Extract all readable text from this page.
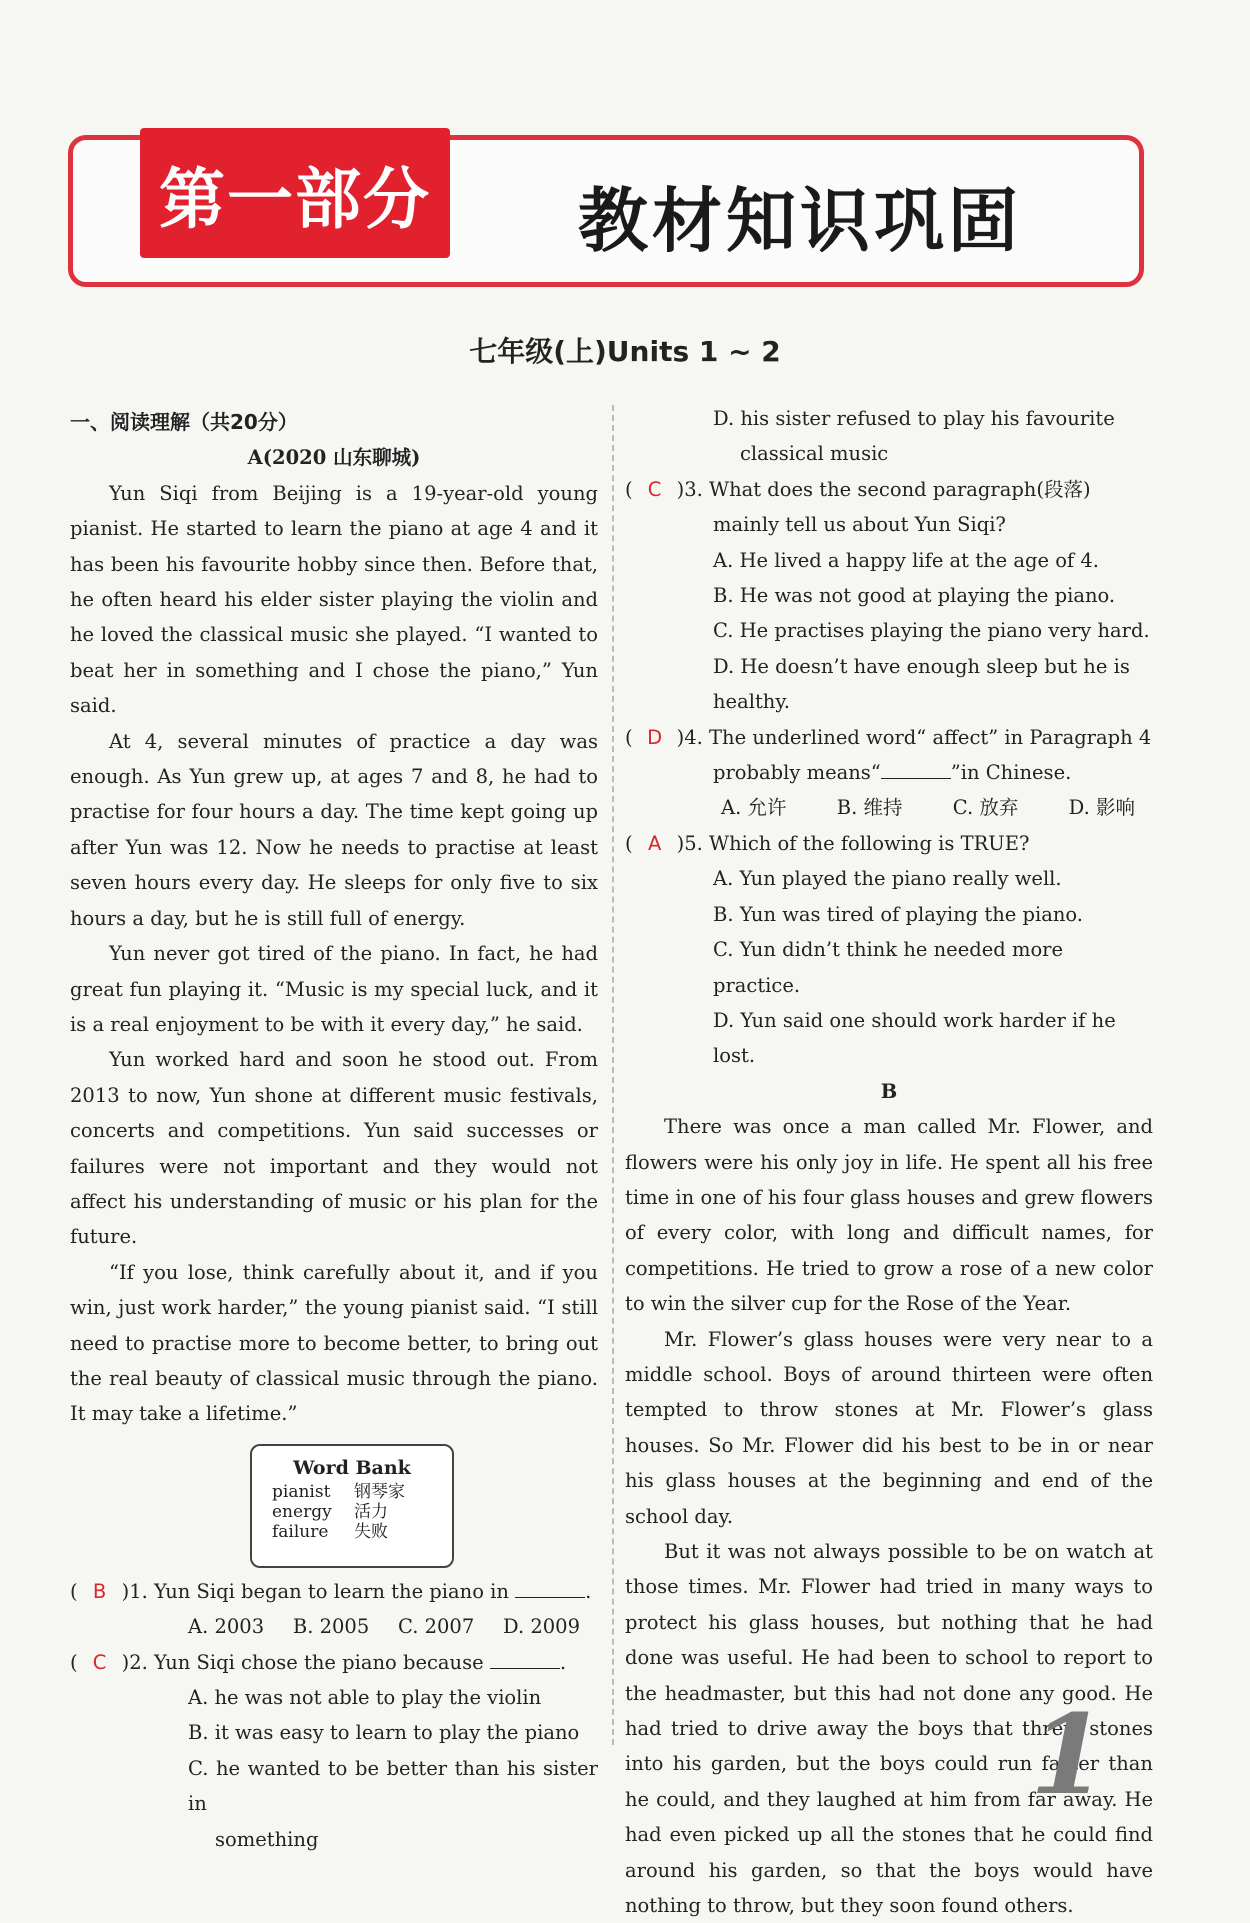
第一部分 教材知识巩固
七年级(上)Units 1 ~ 2

一、阅读理解（共20分）

A(2020 山东聊城)

Yun Siqi from Beijing is a 19-year-old young pianist. He started to learn the piano at age 4 and it has been his favourite hobby since then. Before that, he often heard his elder sister playing the violin and he loved the classical music she played. “I wanted to beat her in something and I chose the piano,” Yun said.

At 4, several minutes of practice a day was enough. As Yun grew up, at ages 7 and 8, he had to practise for four hours a day. The time kept going up after Yun was 12. Now he needs to practise at least seven hours every day. He sleeps for only five to six hours a day, but he is still full of energy.

Yun never got tired of the piano. In fact, he had great fun playing it. “Music is my special luck, and it is a real enjoyment to be with it every day,” he said.

Yun worked hard and soon he stood out. From 2013 to now, Yun shone at different music festivals, concerts and competitions. Yun said successes or failures were not important and they would not affect his understanding of music or his plan for the future.

“If you lose, think carefully about it, and if you win, just work harder,” the young pianist said. “I still need to practise more to become better, to bring out the real beauty of classical music through the piano. It may take a lifetime.”

Word Bank
pianist	钢琴家
energy	活力
failure	失败

( B )1. Yun Siqi began to learn the piano in	.

A. 2003 B. 2005 C. 2007 D. 2009

( C )2. Yun Siqi chose the piano because	.

A. he was not able to play the violin

B. it was easy to learn to play the piano

C. he wanted to be better than his sister in
something

D. his sister refused to play his favourite
classical music

( C )3. What does the second paragraph(段落) mainly tell us about Yun Siqi?

A. He lived a happy life at the age of 4.

B. He was not good at playing the piano.

C. He practises playing the piano very hard.

D. He doesn’t have enough sleep but he is healthy.

( D )4. The underlined word“ affect” in Paragraph 4 probably means“	”in Chinese.

A. 允许	B. 维持	C. 放弃	D. 影响

( A )5. Which of the following is TRUE?

A. Yun played the piano really well.

B. Yun was tired of playing the piano.

C. Yun didn’t think he needed more practice.

D. Yun said one should work harder if he lost.

B

There was once a man called Mr. Flower, and flowers were his only joy in life. He spent all his free time in one of his four glass houses and grew flowers of every color, with long and difficult names, for competitions. He tried to grow a rose of a new color to win the silver cup for the Rose of the Year.

Mr. Flower’s glass houses were very near to a middle school. Boys of around thirteen were often tempted to throw stones at Mr. Flower’s glass houses. So Mr. Flower did his best to be in or near his glass houses at the beginning and end of the school day.

But it was not always possible to be on watch at those times. Mr. Flower had tried in many ways to protect his glass houses, but nothing that he had done was useful. He had been to school to report to the headmaster, but this had not done any good. He had tried to drive away the boys that threw stones into his garden, but the boys could run faster than he could, and they laughed at him from far away. He had even picked up all the stones that he could find around his garden, so that the boys would have nothing to throw, but they soon found others.

1
